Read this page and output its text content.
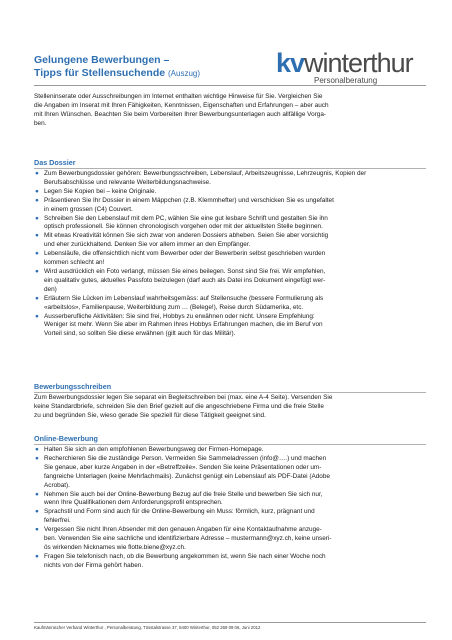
Gelungene Bewerbungen –
Tipps für Stellensuchende (Auszug)	kvwinterthur
Personalberatung
Stelleninserate oder Ausschreibungen im Internet enthalten wichtige Hinweise für Sie. Vergleichen Sie
die Angaben im Inserat mit Ihren Fähigkeiten, Kenntnissen, Eigenschaften und Erfahrungen – aber auch
mit Ihren Wünschen. Beachten Sie beim Vorbereiten Ihrer Bewerbungsunterlagen auch allfällige Vorga-
ben.
Das Dossier
● Zum Bewerbungsdossier gehören: Bewerbungsschreiben, Lebenslauf, Arbeitszeugnisse, Lehrzeugnis, Kopien der
Berufsabschlüsse und relevante Weiterbildungsnachweise.
● Legen Sie Kopien bei – keine Originale.
● Präsentieren Sie Ihr Dossier in einem Mäppchen (z.B. Klemmhefter) und verschicken Sie es ungefaltet
in einem grossen (C4) Couvert.
● Schreiben Sie den Lebenslauf mit dem PC, wählen Sie eine gut lesbare Schrift und gestalten Sie ihn
optisch professionell. Sie können chronologisch vorgehen oder mit der aktuellsten Stelle beginnen.
● Mit etwas Kreativität können Sie sich zwar von anderen Dossiers abheben. Seien Sie aber vorsichtig
und eher zurückhaltend. Denken Sie vor allem immer an den Empfänger.
● Lebensläufe, die offensichtlich nicht vom Bewerber oder der Bewerberin selbst geschrieben wurden
kommen schlecht an!
● Wird ausdrücklich ein Foto verlangt, müssen Sie eines beilegen. Sonst sind Sie frei. Wir empfehlen,
ein qualitativ gutes, aktuelles Passfoto beizulegen (darf auch als Datei ins Dokument eingefügt wer-
den)
● Erläutern Sie Lücken im Lebenslauf wahrheitsgemäss: auf Stellensuche (bessere Formulierung als
«arbeitslos», Familienpause, Weiterbildung zum … (Belege!), Reise durch Südamerika, etc.
● Ausserberufliche Aktivitäten: Sie sind frei, Hobbys zu erwähnen oder nicht. Unsere Empfehlung:
Weniger ist mehr. Wenn Sie aber im Rahmen Ihres Hobbys Erfahrungen machen, die im Beruf von
Vorteil sind, so sollten Sie diese erwähnen (gilt auch für das Militär).
Bewerbungsschreiben
Zum Bewerbungsdossier legen Sie separat ein Begleitschreiben bei (max. eine A-4 Seite). Versenden Sie
keine Standardbriefe, schreiden Sie den Brief gezielt auf die angeschriebene Firma und die freie Stelle
zu und begründen Sie, wieso gerade Sie speziell für diese Tätigkeit geeignet sind.
Online-Bewerbung
● Halten Sie sich an den empfohlenen Bewerbungsweg der Firmen-Homepage.
● Recherchieren Sie die zuständige Person. Vermeiden Sie Sammeladressen (info@….) und machen
Sie genaue, aber kurze Angaben in der «Betreffzeile». Senden Sie keine Präsentationen oder um-
fangreiche Unterlagen (keine Mehrfachmails). Zunächst genügt ein Lebenslauf als PDF-Datei (Adobe
Acrobat).
● Nehmen Sie auch bei der Online-Bewerbung Bezug auf die freie Stelle und bewerben Sie sich nur,
wenn Ihre Qualifikationen dem Anforderungsprofil entsprechen.
● Sprachstil und Form sind auch für die Online-Bewerbung ein Muss: förmlich, kurz, prägnant und
fehlerfrei.
● Vergessen Sie nicht Ihren Absender mit den genauen Angaben für eine Kontaktaufnahme anzuge-
ben. Verwenden Sie eine sachliche und identifizierbare Adresse – mustermann@xyz.ch, keine unseri-
ös wirkenden Nicknames wie flotte.biene@xyz.ch.
● Fragen Sie telefonisch nach, ob die Bewerbung angekommen ist, wenn Sie nach einer Woche noch
nichts von der Firma gehört haben.
Kaufmännischer Verband Winterthur , Personalberatung, Tösstalstrasse 37, 8400 Winterthur, 052 269 09 06, Juni 2012
